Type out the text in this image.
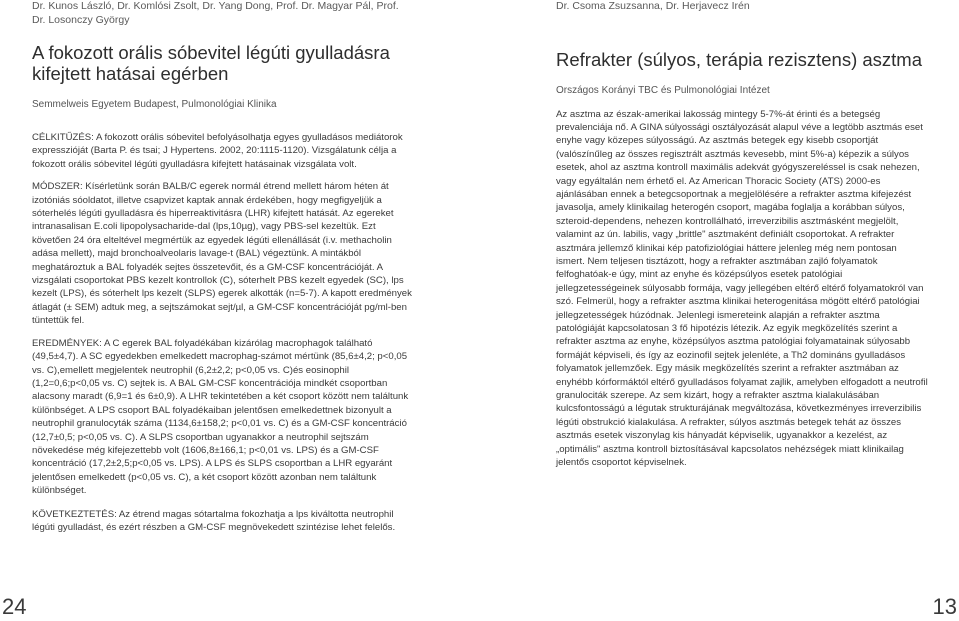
Dr. Kunos László, Dr. Komlósi Zsolt, Dr. Yang Dong, Prof. Dr. Magyar Pál, Prof. Dr. Losonczy György

A fokozott orális sóbevitel légúti gyulladásra kifejtett hatásai egérben

Semmelweis Egyetem Budapest, Pulmonológiai Klinika

CÉLKITŰZÉS: A fokozott orális sóbevitel befolyásolhatja egyes gyulladásos mediátorok expresszióját (Barta P. és tsai; J Hypertens. 2002, 20:1115-1120). Vizsgálatunk célja a fokozott orális sóbevitel légúti gyulladásra kifejtett hatásainak vizsgálata volt.

MÓDSZER: Kísérletünk során BALB/C egerek normál étrend mellett három héten át izotóniás sóoldatot, illetve csapvizet kaptak annak érdekében, hogy megfigyeljük a sóterhelés légúti gyulladásra és hiperreaktivitásra (LHR) kifejtett hatását. Az egereket intranasalisan E.coli lipopolysacharide-dal (lps,10µg), vagy PBS-sel kezeltük. Ezt követően 24 óra elteltével megmértük az egyedek légúti ellenállását (i.v. methacholin adása mellett), majd bronchoalveolaris lavage-t (BAL) végeztünk. A mintákból meghatároztuk a BAL folyadék sejtes összetevőit, és a GM-CSF koncentrációját. A vizsgálati csoportokat PBS kezelt kontrollok (C), sóterhelt PBS kezelt egyedek (SC), lps kezelt (LPS), és sóterhelt lps kezelt (SLPS) egerek alkották (n=5-7). A kapott eredmények átlagát (± SEM) adtuk meg, a sejtszámokat sejt/µl, a GM-CSF koncentrációját pg/ml-ben tüntettük fel.

EREDMÉNYEK: A C egerek BAL folyadékában kizárólag macrophagok található (49,5±4,7). A SC egyedekben emelkedett macrophag-számot mértünk (85,6±4,2; p<0,05 vs. C),emellett megjelentek neutrophil (6,2±2,2; p<0,05 vs. C)és eosinophil (1,2=0,6;p<0,05 vs. C) sejtek is. A BAL GM-CSF koncentrációja mindkét csoportban alacsony maradt (6,9=1 és 6±0,9). A LHR tekintetében a két csoport között nem találtunk különbséget. A LPS csoport BAL folyadékaiban jelentősen emelkedettnek bizonyult a neutrophil granulocyták száma (1134,6±158,2; p<0,01 vs. C) és a GM-CSF koncentráció (12,7±0,5; p<0,05 vs. C). A SLPS csoportban ugyanakkor a neutrophil sejtszám növekedése még kifejezettebb volt (1606,8±166,1; p<0,01 vs. LPS) és a GM-CSF koncentráció (17,2±2,5;p<0,05 vs. LPS). A LPS és SLPS csoportban a LHR egyaránt jelentősen emelkedett (p<0,05 vs. C), a két csoport között azonban nem találtunk különbséget.

KÖVETKEZTETÉS: Az étrend magas sótartalma fokozhatja a lps kiváltotta neutrophil légúti gyulladást, és ezért részben a GM-CSF megnövekedett szintézise lehet felelős.

Dr. Csoma Zsuzsanna, Dr. Herjavecz Irén

Refrakter (súlyos, terápia rezisztens) asztma

Országos Korányi TBC és Pulmonológiai Intézet

Az asztma az észak-amerikai lakosság mintegy 5-7%-át érinti és a betegség prevalenciája nő. A GINA súlyossági osztályozását alapul véve a legtöbb asztmás eset enyhe vagy közepes súlyosságú. Az asztmás betegek egy kisebb csoportját (valószínűleg az összes regisztrált asztmás kevesebb, mint 5%-a) képezik a súlyos esetek, ahol az asztma kontroll maximális adekvát gyógyszereléssel is csak nehezen, vagy egyáltalán nem érhető el. Az American Thoracic Society (ATS) 2000-es ajánlásában ennek a betegcsoportnak a megjelölésére a refrakter asztma kifejezést javasolja, amely klinikailag heterogén csoport, magába foglalja a korábban súlyos, szteroid-dependens, nehezen kontrollálható, irreverzibilis asztmásként megjelölt, valamint az ún. labilis, vagy „brittle" asztmaként definiált csoportokat. A refrakter asztmára jellemző klinikai kép patofiziológiai háttere jelenleg még nem pontosan ismert. Nem teljesen tisztázott, hogy a refrakter asztmában zajló folyamatok felfoghatóak-e úgy, mint az enyhe és középsúlyos esetek patológiai jellegzetességeinek súlyosabb formája, vagy jellegében eltérő eltérő folyamatokról van szó. Felmerül, hogy a refrakter asztma klinikai heterogenitása mögött eltérő patológiai jellegzetességek húzódnak. Jelenlegi ismereteink alapján a refrakter asztma patológiáját kapcsolatosan 3 fő hipotézis létezik. Az egyik megközelítés szerint a refrakter asztma az enyhe, középsúlyos asztma patológiai folyamatainak súlyosabb formáját képviseli, és így az eozinofil sejtek jelenléte, a Th2 domináns gyulladásos folyamatok jellemzőek. Egy másik megközelítés szerint a refrakter asztmában az enyhébb kórformáktól eltérő gyulladásos folyamat zajlik, amelyben elfogadott a neutrofil granulociták szerepe. Az sem kizárt, hogy a refrakter asztma kialakulásában kulcsfontosságú a légutak strukturájának megváltozása, következményes irreverzibilis légúti obstrukció kialakulása. A refrakter, súlyos asztmás betegek tehát az összes asztmás esetek viszonylag kis hányadát képviselik, ugyanakkor a kezelést, az „optimális" asztma kontroll biztosításával kapcsolatos nehézségek miatt klinikailag jelentős csoportot képviselnek.

24	13
